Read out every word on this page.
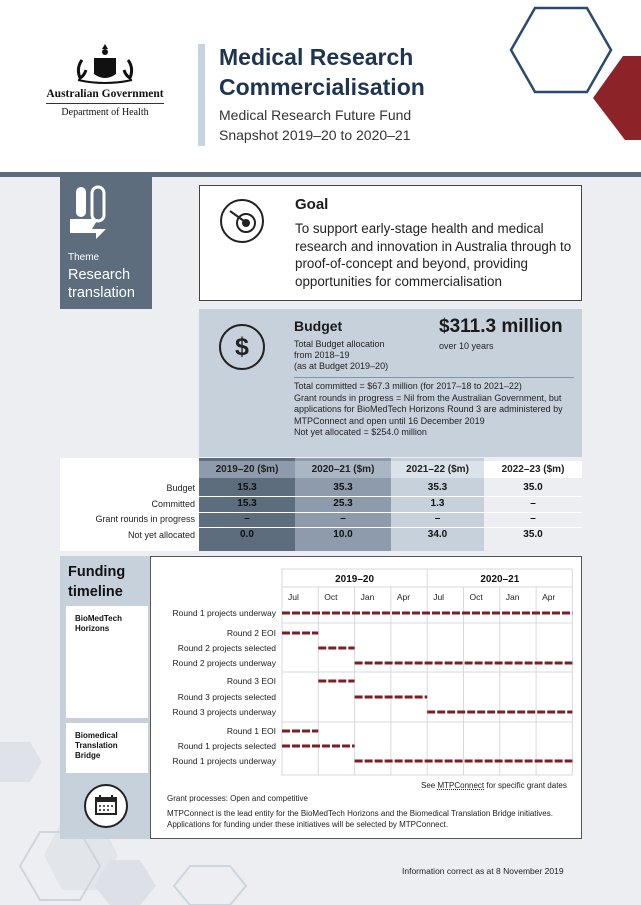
Australian Government
Department of Health
Medical Research
Commercialisation
Medical Research Future Fund
Snapshot 2019–20 to 2020–21
Theme
Research translation
Goal
To support early-stage health and medical research and innovation in Australia through to proof-of-concept and beyond, providing opportunities for commercialisation
$
Budget
Total Budget allocation
from 2018–19
(as at Budget 2019–20)
$311.3 million
over 10 years
Total committed = $67.3 million (for 2017–18 to 2021–22)
Grant rounds in progress = Nil from the Australian Government, but applications for BioMedTech Horizons Round 3 are administered by MTPConnect and open until 16 December 2019
Not yet allocated = $254.0 million
2019–20 ($m)	2020–21 ($m)	2021–22 ($m)	2022–23 ($m)
Budget	15.3	35.3	35.3	35.0
Committed	15.3	25.3	1.3	–
Grant rounds in progress	–	–	–	–
Not yet allocated	0.0	10.0	34.0	35.0
Funding
timeline
BioMedTech Horizons
Biomedical Translation Bridge
2019–20	2020–21
Jul	Oct	Jan	Apr	Jul	Oct	Jan	Apr
Round 1 projects underway
Round 2 EOI
Round 2 projects selected
Round 2 projects underway
Round 3 EOI
Round 3 projects selected
Round 3 projects underway
Round 1 EOI
Round 1 projects selected
Round 1 projects underway
See MTPConnect for specific grant dates
Grant processes: Open and competitive
MTPConnect is the lead entity for the BioMedTech Horizons and the Biomedical Translation Bridge initiatives. Applications for funding under these initiatives will be selected by MTPConnect.
Information correct as at 8 November 2019
